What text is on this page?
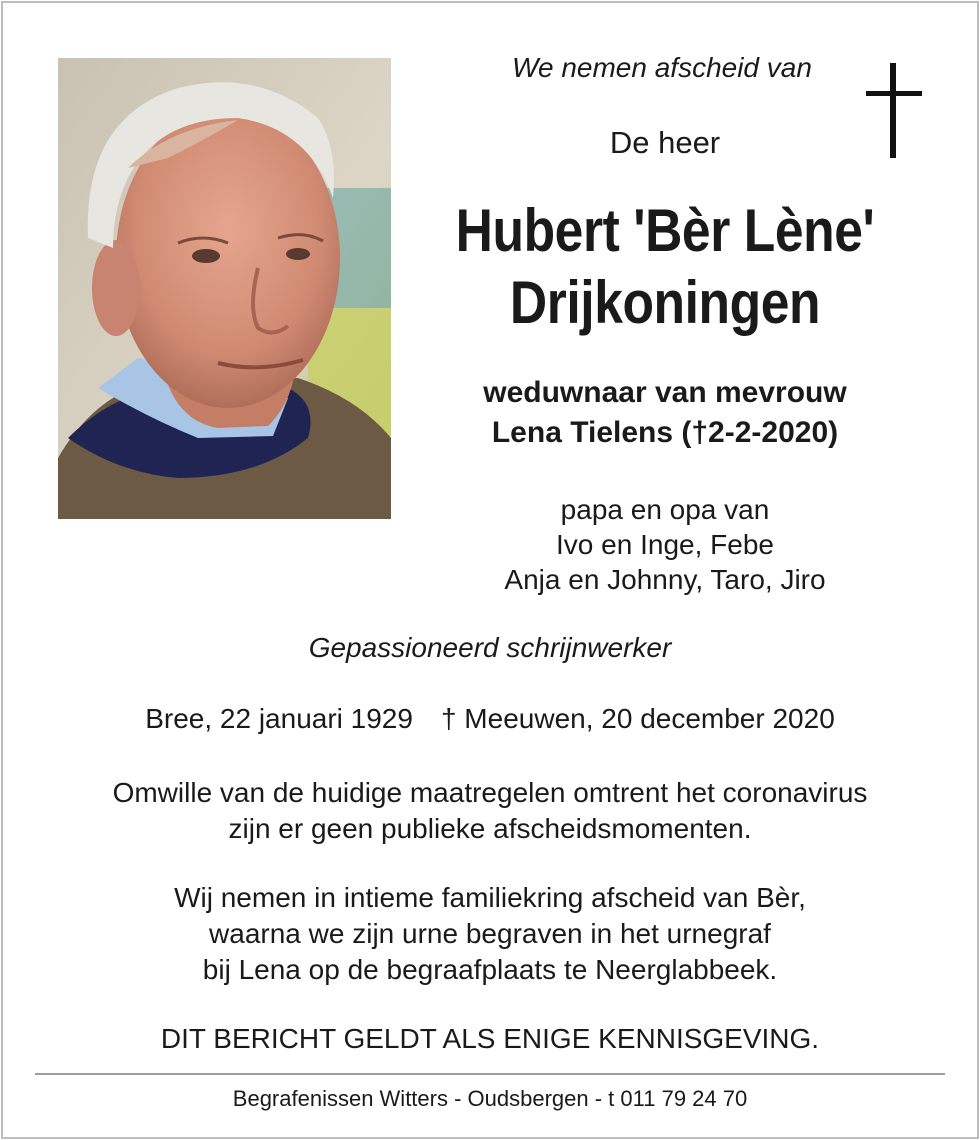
We nemen afscheid van
De heer
Hubert 'Bèr Lène'
Drijkoningen
weduwnaar van mevrouw
Lena Tielens (†2-2-2020)
papa en opa van
Ivo en Inge, Febe
Anja en Johnny, Taro, Jiro
Gepassioneerd schrijnwerker
Bree, 22 januari 1929 † Meeuwen, 20 december 2020
Omwille van de huidige maatregelen omtrent het coronavirus
zijn er geen publieke afscheidsmomenten.
Wij nemen in intieme familiekring afscheid van Bèr,
waarna we zijn urne begraven in het urnegraf
bij Lena op de begraafplaats te Neerglabbeek.
DIT BERICHT GELDT ALS ENIGE KENNISGEVING.
Begrafenissen Witters - Oudsbergen - t 011 79 24 70
